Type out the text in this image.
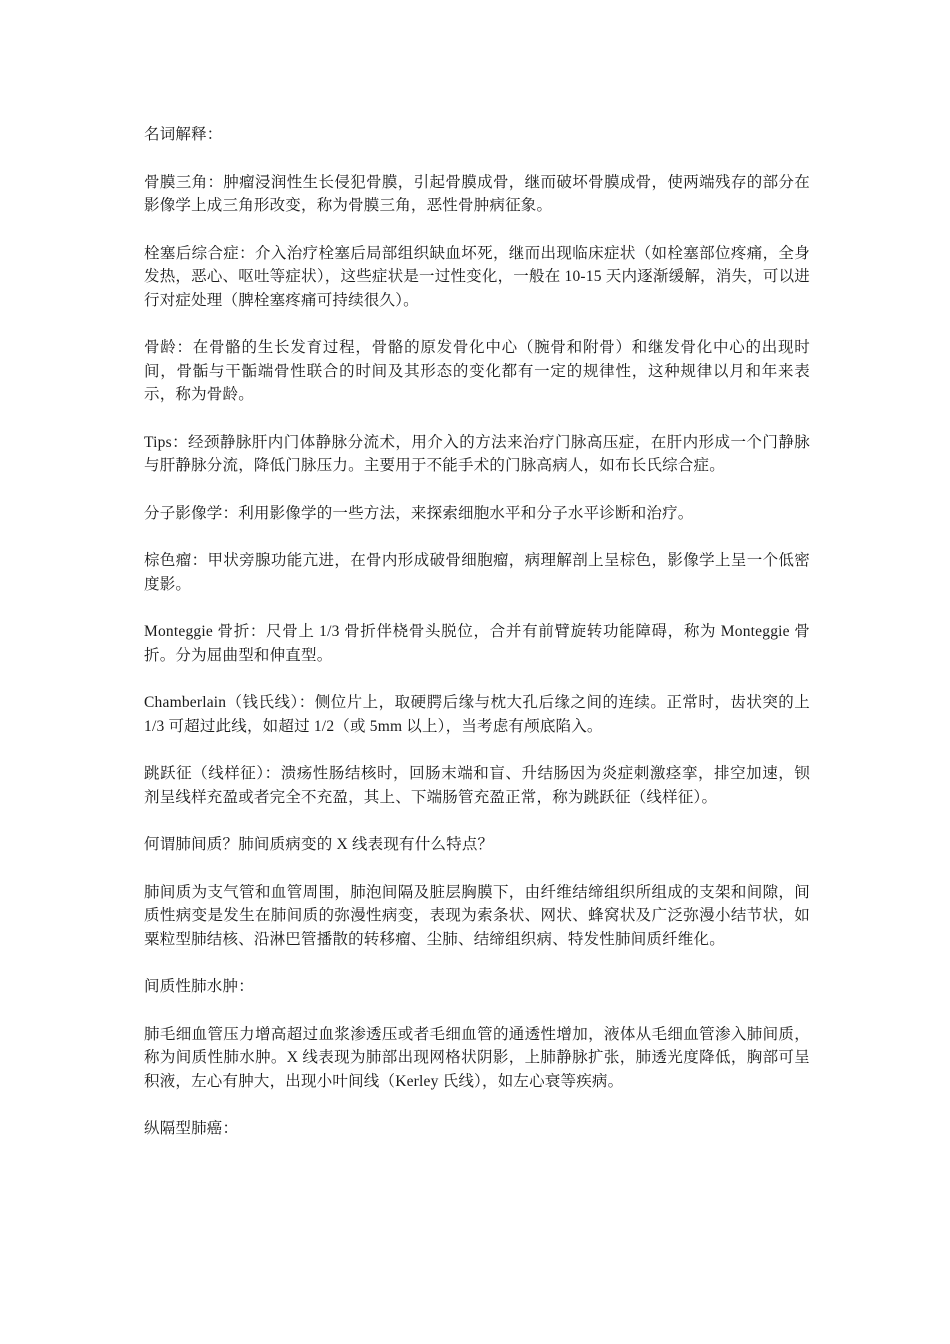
名词解释：

骨膜三角：肿瘤浸润性生长侵犯骨膜，引起骨膜成骨，继而破坏骨膜成骨，使两端残存的部分在影像学上成三角形改变，称为骨膜三角，恶性骨肿病征象。

栓塞后综合症：介入治疗栓塞后局部组织缺血坏死，继而出现临床症状（如栓塞部位疼痛，全身发热，恶心、呕吐等症状），这些症状是一过性变化，一般在 10-15 天内逐渐缓解，消失，可以进行对症处理（脾栓塞疼痛可持续很久）。

骨龄：在骨骼的生长发育过程，骨骼的原发骨化中心（腕骨和附骨）和继发骨化中心的出现时间，骨骺与干骺端骨性联合的时间及其形态的变化都有一定的规律性，这种规律以月和年来表示，称为骨龄。

Tips：经颈静脉肝内门体静脉分流术，用介入的方法来治疗门脉高压症，在肝内形成一个门静脉与肝静脉分流，降低门脉压力。主要用于不能手术的门脉高病人，如布长氏综合症。

分子影像学：利用影像学的一些方法，来探索细胞水平和分子水平诊断和治疗。

棕色瘤：甲状旁腺功能亢进，在骨内形成破骨细胞瘤，病理解剖上呈棕色，影像学上呈一个低密度影。

Monteggie 骨折：尺骨上 1/3 骨折伴桡骨头脱位，合并有前臂旋转功能障碍，称为 Monteggie 骨折。分为屈曲型和伸直型。

Chamberlain（钱氏线）：侧位片上，取硬腭后缘与枕大孔后缘之间的连续。正常时，齿状突的上 1/3 可超过此线，如超过 1/2（或 5mm 以上），当考虑有颅底陷入。

跳跃征（线样征）：溃疡性肠结核时，回肠末端和盲、升结肠因为炎症刺激痉挛，排空加速，钡剂呈线样充盈或者完全不充盈，其上、下端肠管充盈正常，称为跳跃征（线样征）。

何谓肺间质？肺间质病变的 X 线表现有什么特点？

肺间质为支气管和血管周围，肺泡间隔及脏层胸膜下，由纤维结缔组织所组成的支架和间隙，间质性病变是发生在肺间质的弥漫性病变，表现为索条状、网状、蜂窝状及广泛弥漫小结节状，如粟粒型肺结核、沿淋巴管播散的转移瘤、尘肺、结缔组织病、特发性肺间质纤维化。

间质性肺水肿：

肺毛细血管压力增高超过血浆渗透压或者毛细血管的通透性增加，液体从毛细血管渗入肺间质，称为间质性肺水肿。X 线表现为肺部出现网格状阴影，上肺静脉扩张，肺透光度降低，胸部可呈积液，左心有肿大，出现小叶间线（Kerley 氏线），如左心衰等疾病。

纵隔型肺癌：
